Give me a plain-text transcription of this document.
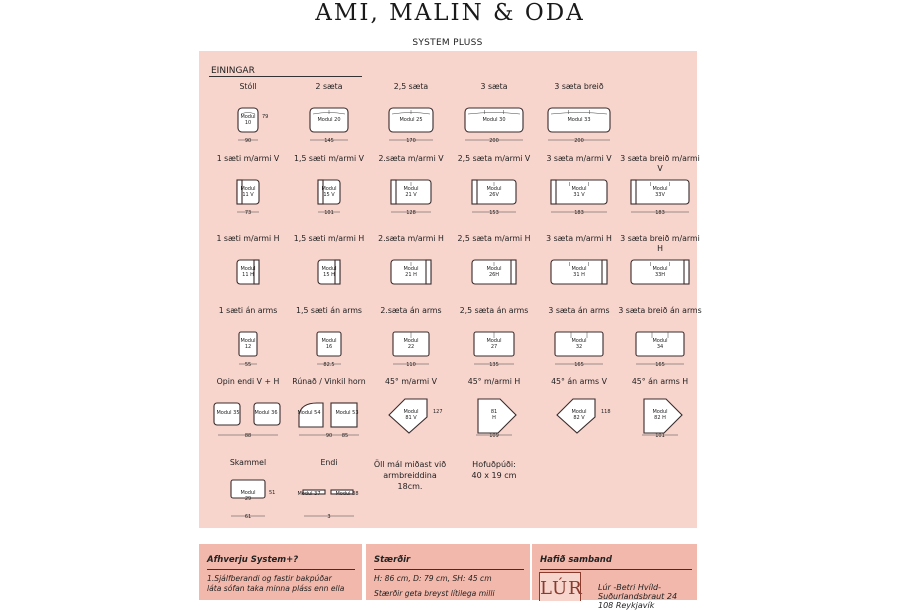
AMI, MALIN & ODA
SYSTEM PLUSS
EININGAR
Stóll
Modul
10
90
79
2 sæta
Modul 20
145
2,5 sæta
Modul 25
170
3 sæta
Modul 30
200
3 sæta breið
Modul 33
200
1 sæti m/armi V
Modul
11 V
73
1,5 sæti m/armi V
Modul
15 V
101
2.sæta m/armi V
Modul
21 V
128
2,5 sæta m/armi V
Modul
26V
153
3 sæta m/armi V
Modul
31 V
183
3 sæta breið m/armi V
Modul
33V
183
1 sæti m/armi H
Modul
11 H
1,5 sæti m/armi H
Modul
15 H
2.sæta m/armi H
Modul
21 H
2,5 sæta m/armi H
Modul
26H
3 sæta m/armi H
Modul
31 H
3 sæta breið m/armi H
Modul
33H
1 sæti án arms
Modul
12
55
1,5 sæti án arms
Modul
16
82.5
2.sæta án arms
Modul
22
110
2,5 sæta án arms
Modul
27
135
3 sæta án arms
Modul
32
165
3 sæta breið án arms
Modul
34
165
Opin endi V + H
Modul 35	Modul 36
88
Rúnað / Vinkil horn
Modul 54	Modul 53
90 85
45° m/armi V
Modul
81 V
127
45° m/armi H
81
H
109
45° án arms V
Modul
82 V
118
45° án arms H
Modul
82 H
101
Skammel
Modul
29
61
51
Endi
Modul 37	Modul 38
3
Öll mál miðast við armbreiddina 18cm.
Hofuðpúði:
40 x 19 cm
Afhverju System+?
1.Sjálfberandi og fastir bakpúðar
láta sófan taka minna pláss enn ella
Stærðir
H: 86 cm, D: 79 cm, SH: 45 cm
Stærðir geta breyst lítilega milli
Hafið samband
Lúr -Betri Hvíld-
Suðurlandsbraut 24
108 Reykjavík
LÚR
